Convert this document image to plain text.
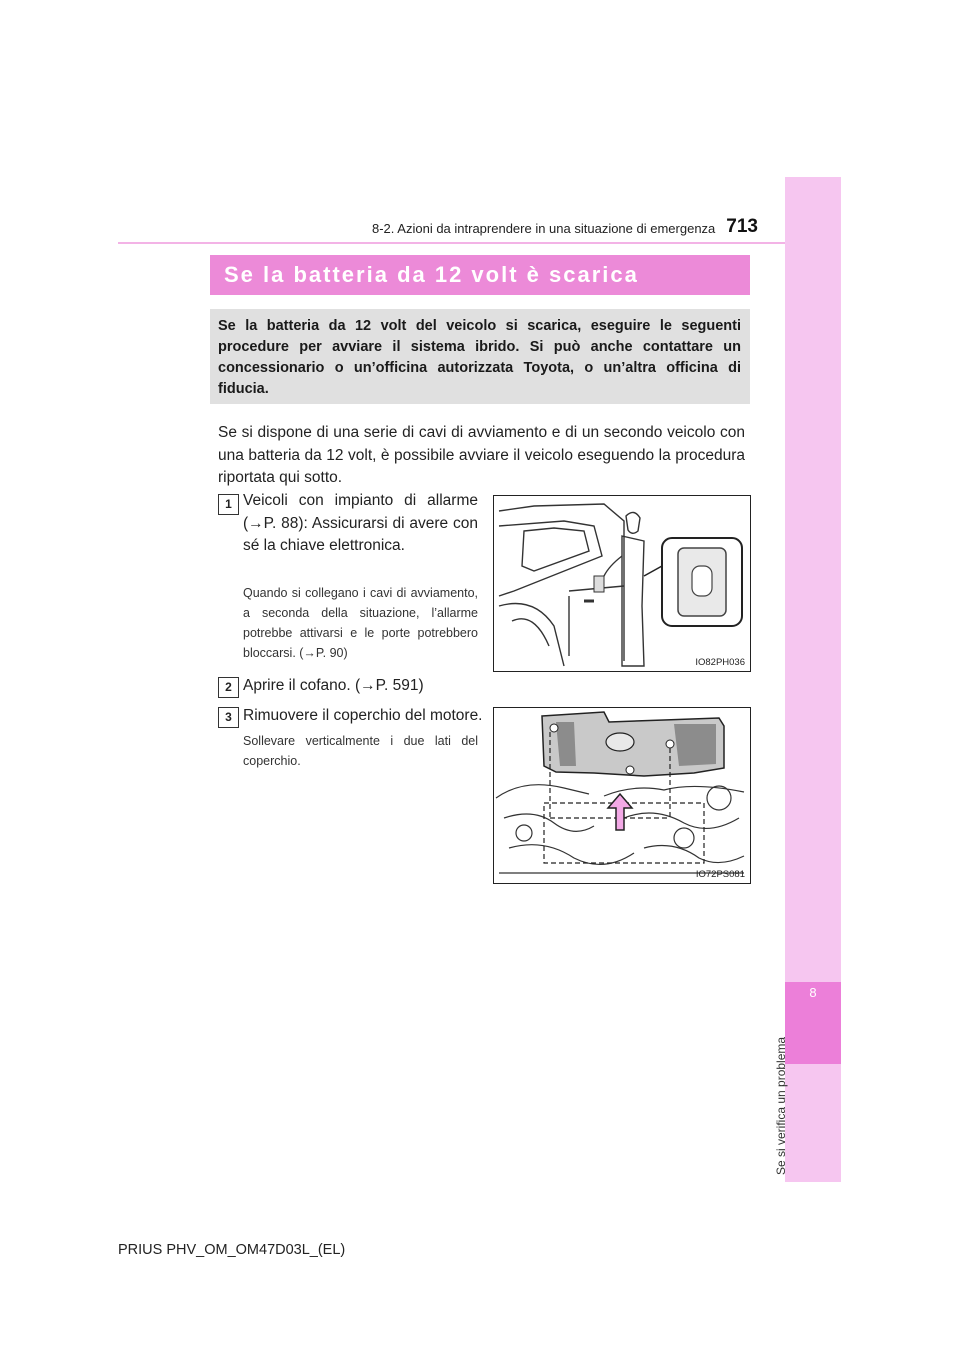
8
Se si verifica un problema
8-2. Azioni da intraprendere in una situazione di emergenza 713
Se la batteria da 12 volt è scarica
Se la batteria da 12 volt del veicolo si scarica, eseguire le seguenti procedure per avviare il sistema ibrido. Si può anche contattare un concessionario o un’officina autorizzata Toyota, o un’altra officina di fiducia.
Se si dispone di una serie di cavi di avviamento e di un secondo veicolo con una batteria da 12 volt, è possibile avviare il veicolo eseguendo la procedura riportata qui sotto.
1 Veicoli con impianto di allarme (→P. 88): Assicurarsi di avere con sé la chiave elettronica.
Quando si collegano i cavi di avviamento, a seconda della situazione, l’allarme potrebbe attivarsi e le porte potrebbero bloccarsi. (→P. 90)
IO82PH036
2 Aprire il cofano. (→P. 591)
3 Rimuovere il coperchio del motore.
Sollevare verticalmente i due lati del coperchio.
IO72PS081
PRIUS PHV_OM_OM47D03L_(EL)
